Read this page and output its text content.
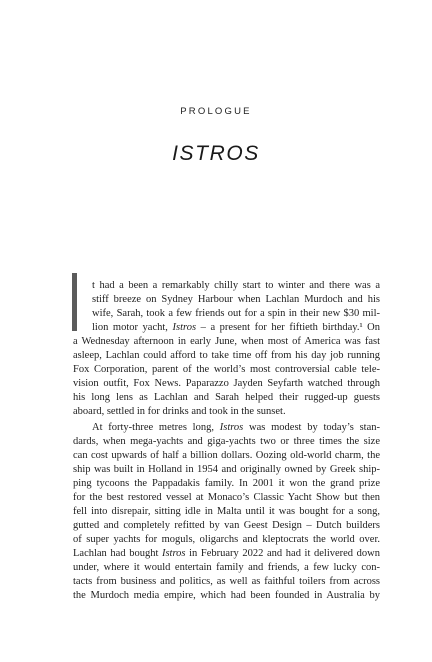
PROLOGUE
ISTROS
t had a been a remarkably chilly start to winter and there was a
stiff breeze on Sydney Harbour when Lachlan Murdoch and his
wife, Sarah, took a few friends out for a spin in their new $30 mil-
lion motor yacht, Istros – a present for her fiftieth birthday.¹ On
a Wednesday afternoon in early June, when most of America was fast
asleep, Lachlan could afford to take time off from his day job running
Fox Corporation, parent of the world’s most controversial cable tele-
vision outfit, Fox News. Paparazzo Jayden Seyfarth watched through
his long lens as Lachlan and Sarah helped their rugged-up guests
aboard, settled in for drinks and took in the sunset.
At forty-three metres long, Istros was modest by today’s stan-
dards, when mega-yachts and giga-yachts two or three times the size
can cost upwards of half a billion dollars. Oozing old-world charm, the
ship was built in Holland in 1954 and originally owned by Greek ship-
ping tycoons the Pappadakis family. In 2001 it won the grand prize
for the best restored vessel at Monaco’s Classic Yacht Show but then
fell into disrepair, sitting idle in Malta until it was bought for a song,
gutted and completely refitted by van Geest Design – Dutch builders
of super yachts for moguls, oligarchs and kleptocrats the world over.
Lachlan had bought Istros in February 2022 and had it delivered down
under, where it would entertain family and friends, a few lucky con-
tacts from business and politics, as well as faithful toilers from across
the Murdoch media empire, which had been founded in Australia by
